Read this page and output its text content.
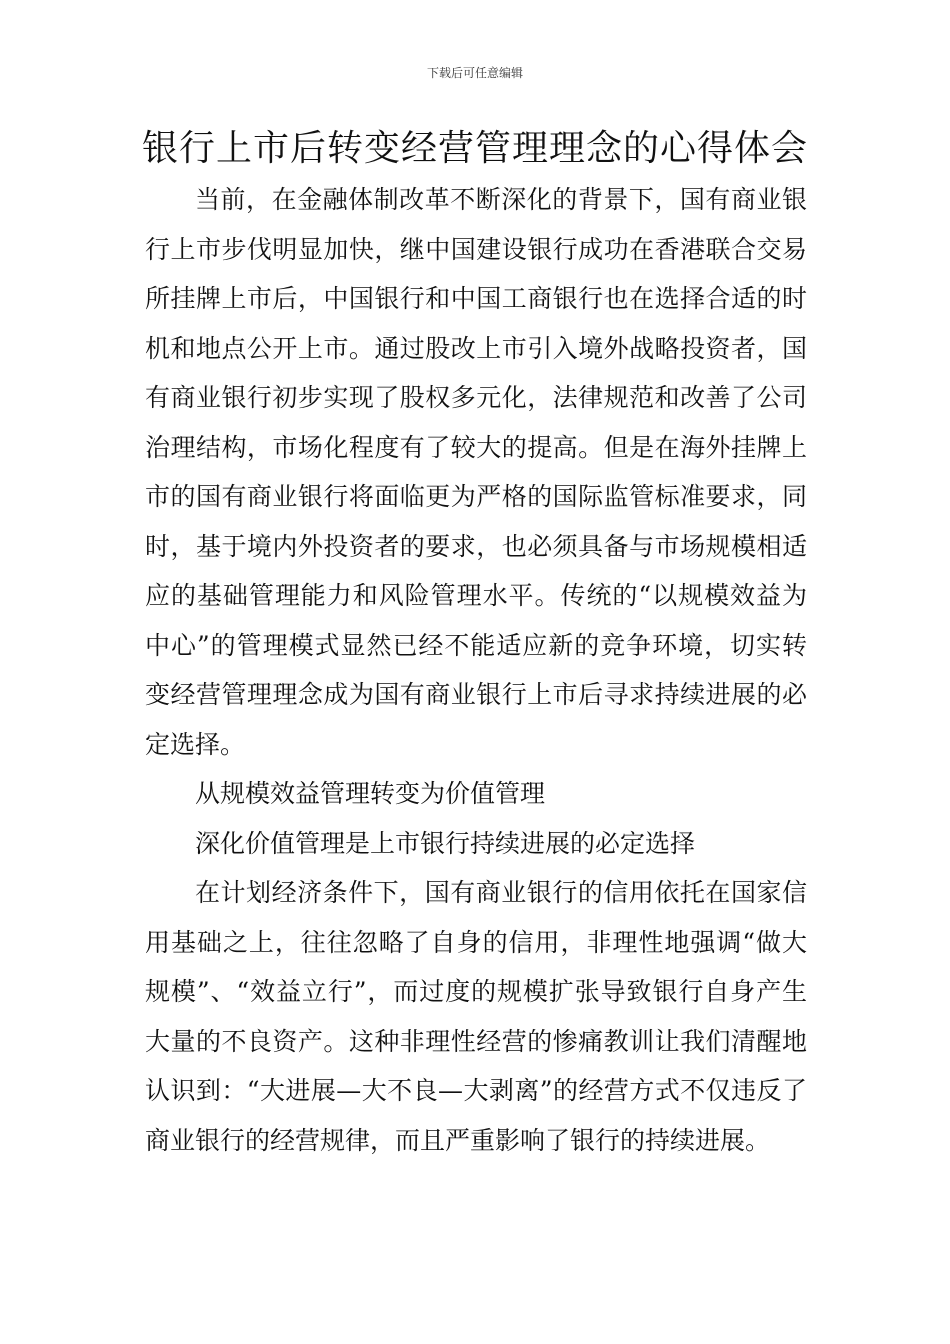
下载后可任意编辑
银行上市后转变经营管理理念的心得体会

当前，在金融体制改革不断深化的背景下，国有商业银行上市步伐明显加快，继中国建设银行成功在香港联合交易所挂牌上市后，中国银行和中国工商银行也在选择合适的时机和地点公开上市。通过股改上市引入境外战略投资者，国有商业银行初步实现了股权多元化，法律规范和改善了公司治理结构，市场化程度有了较大的提高。但是在海外挂牌上市的国有商业银行将面临更为严格的国际监管标准要求，同时，基于境内外投资者的要求，也必须具备与市场规模相适应的基础管理能力和风险管理水平。传统的“以规模效益为中心”的管理模式显然已经不能适应新的竞争环境，切实转变经营管理理念成为国有商业银行上市后寻求持续进展的必定选择。

从规模效益管理转变为价值管理

深化价值管理是上市银行持续进展的必定选择

在计划经济条件下，国有商业银行的信用依托在国家信用基础之上，往往忽略了自身的信用，非理性地强调“做大规模”、“效益立行”，而过度的规模扩张导致银行自身产生大量的不良资产。这种非理性经营的惨痛教训让我们清醒地认识到：“大进展—大不良—大剥离”的经营方式不仅违反了商业银行的经营规律，而且严重影响了银行的持续进展。
